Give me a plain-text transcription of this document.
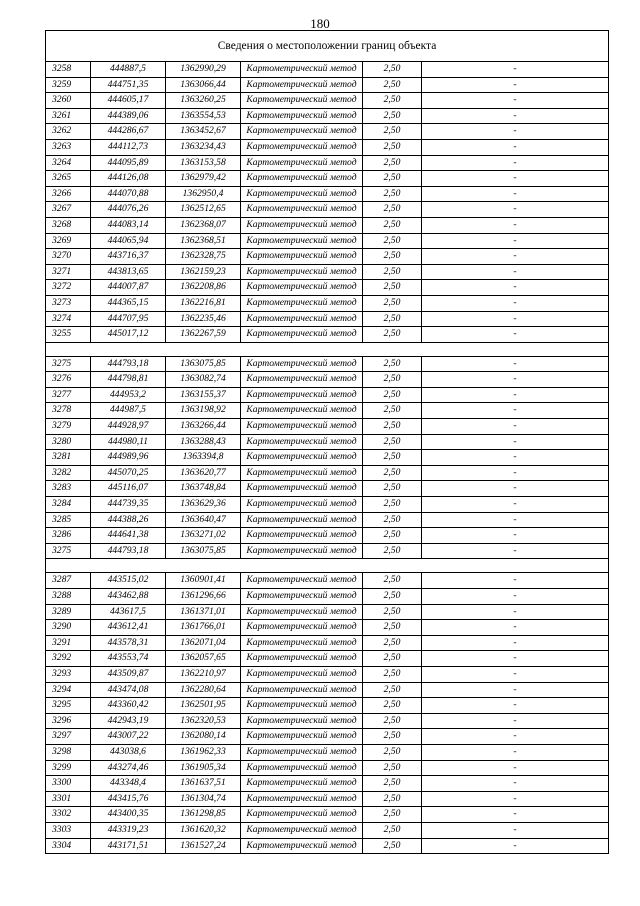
180
Сведения о местоположении границ объекта					
3258	444887,5	1362990,29	Картометрический метод	2,50	-
3259	444751,35	1363066,44	Картометрический метод	2,50	-
3260	444605,17	1363260,25	Картометрический метод	2,50	-
3261	444389,06	1363554,53	Картометрический метод	2,50	-
3262	444286,67	1363452,67	Картометрический метод	2,50	-
3263	444112,73	1363234,43	Картометрический метод	2,50	-
3264	444095,89	1363153,58	Картометрический метод	2,50	-
3265	444126,08	1362979,42	Картометрический метод	2,50	-
3266	444070,88	1362950,4	Картометрический метод	2,50	-
3267	444076,26	1362512,65	Картометрический метод	2,50	-
3268	444083,14	1362368,07	Картометрический метод	2,50	-
3269	444065,94	1362368,51	Картометрический метод	2,50	-
3270	443716,37	1362328,75	Картометрический метод	2,50	-
3271	443813,65	1362159,23	Картометрический метод	2,50	-
3272	444007,87	1362208,86	Картометрический метод	2,50	-
3273	444365,15	1362216,81	Картометрический метод	2,50	-
3274	444707,95	1362235,46	Картометрический метод	2,50	-
3255	445017,12	1362267,59	Картометрический метод	2,50	-

3275	444793,18	1363075,85	Картометрический метод	2,50	-
3276	444798,81	1363082,74	Картометрический метод	2,50	-
3277	444953,2	1363155,37	Картометрический метод	2,50	-
3278	444987,5	1363198,92	Картометрический метод	2,50	-
3279	444928,97	1363266,44	Картометрический метод	2,50	-
3280	444980,11	1363288,43	Картометрический метод	2,50	-
3281	444989,96	1363394,8	Картометрический метод	2,50	-
3282	445070,25	1363620,77	Картометрический метод	2,50	-
3283	445116,07	1363748,84	Картометрический метод	2,50	-
3284	444739,35	1363629,36	Картометрический метод	2,50	-
3285	444388,26	1363640,47	Картометрический метод	2,50	-
3286	444641,38	1363271,02	Картометрический метод	2,50	-
3275	444793,18	1363075,85	Картометрический метод	2,50	-

3287	443515,02	1360901,41	Картометрический метод	2,50	-
3288	443462,88	1361296,66	Картометрический метод	2,50	-
3289	443617,5	1361371,01	Картометрический метод	2,50	-
3290	443612,41	1361766,01	Картометрический метод	2,50	-
3291	443578,31	1362071,04	Картометрический метод	2,50	-
3292	443553,74	1362057,65	Картометрический метод	2,50	-
3293	443509,87	1362210,97	Картометрический метод	2,50	-
3294	443474,08	1362280,64	Картометрический метод	2,50	-
3295	443360,42	1362501,95	Картометрический метод	2,50	-
3296	442943,19	1362320,53	Картометрический метод	2,50	-
3297	443007,22	1362080,14	Картометрический метод	2,50	-
3298	443038,6	1361962,33	Картометрический метод	2,50	-
3299	443274,46	1361905,34	Картометрический метод	2,50	-
3300	443348,4	1361637,51	Картометрический метод	2,50	-
3301	443415,76	1361304,74	Картометрический метод	2,50	-
3302	443400,35	1361298,85	Картометрический метод	2,50	-
3303	443319,23	1361620,32	Картометрический метод	2,50	-
3304	443171,51	1361527,24	Картометрический метод	2,50	-
